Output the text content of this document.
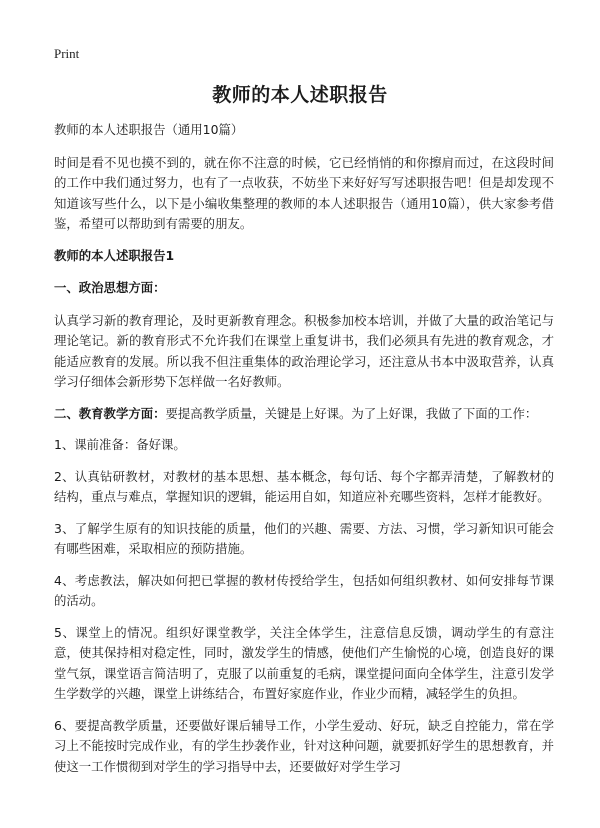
Print
教师的本人述职报告

教师的本人述职报告（通用10篇）

时间是看不见也摸不到的，就在你不注意的时候，它已经悄悄的和你擦肩而过，在这段时间的工作中我们通过努力，也有了一点收获，不妨坐下来好好写写述职报告吧！但是却发现不知道该写些什么，以下是小编收集整理的教师的本人述职报告（通用10篇），供大家参考借鉴，希望可以帮助到有需要的朋友。

教师的本人述职报告1

一、政治思想方面：

认真学习新的教育理论，及时更新教育理念。积极参加校本培训，并做了大量的政治笔记与理论笔记。新的教育形式不允许我们在课堂上重复讲书，我们必须具有先进的教育观念，才能适应教育的发展。所以我不但注重集体的政治理论学习，还注意从书本中汲取营养，认真学习仔细体会新形势下怎样做一名好教师。

二、教育教学方面：要提高教学质量，关键是上好课。为了上好课，我做了下面的工作：

1、课前准备：备好课。

2、认真钻研教材，对教材的基本思想、基本概念，每句话、每个字都弄清楚，了解教材的结构，重点与难点，掌握知识的逻辑，能运用自如，知道应补充哪些资料，怎样才能教好。

3、了解学生原有的知识技能的质量，他们的兴趣、需要、方法、习惯，学习新知识可能会有哪些困难，采取相应的预防措施。

4、考虑教法，解决如何把已掌握的教材传授给学生，包括如何组织教材、如何安排每节课的活动。

5、课堂上的情况。组织好课堂教学，关注全体学生，注意信息反馈，调动学生的有意注意，使其保持相对稳定性，同时，激发学生的情感，使他们产生愉悦的心境，创造良好的课堂气氛，课堂语言简洁明了，克服了以前重复的毛病，课堂提问面向全体学生，注意引发学生学数学的兴趣，课堂上讲练结合，布置好家庭作业，作业少而精，减轻学生的负担。

6、要提高教学质量，还要做好课后辅导工作，小学生爱动、好玩，缺乏自控能力，常在学习上不能按时完成作业，有的学生抄袭作业，针对这种问题，就要抓好学生的思想教育，并使这一工作惯彻到对学生的学习指导中去，还要做好对学生学习
